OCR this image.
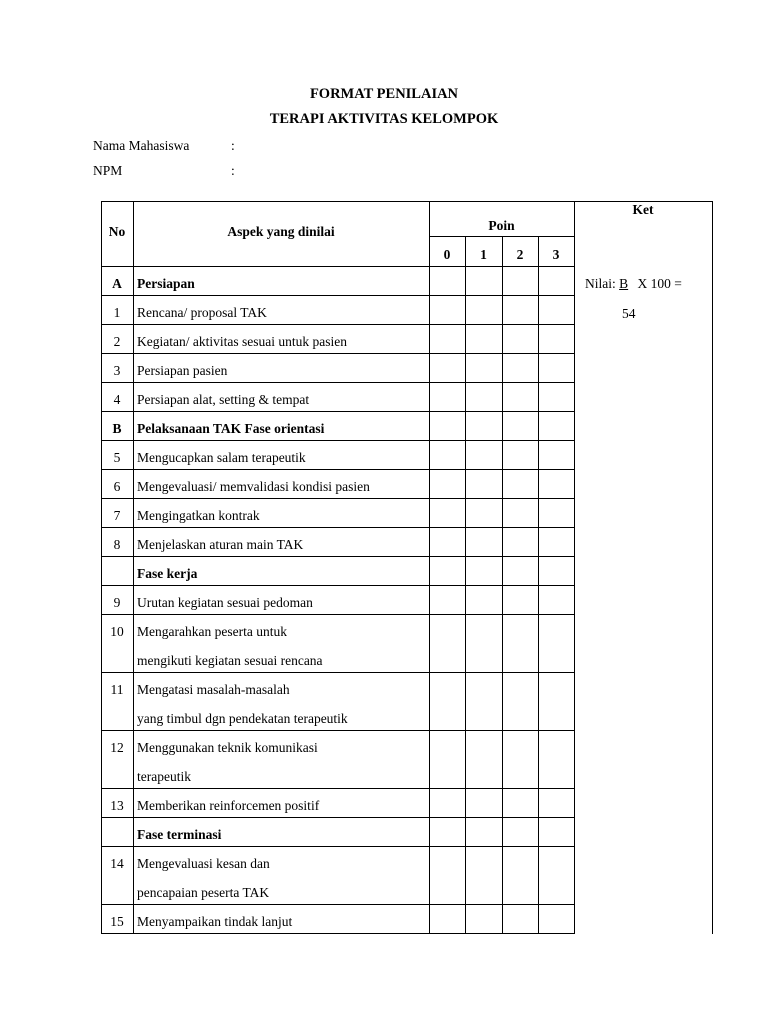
FORMAT PENILAIAN
TERAPI AKTIVITAS KELOMPOK
Nama Mahasiswa	:
NPM	:
No	Aspek yang dinilai	Poin
Ket
0	1	2	3
Nilai: B X 100 =
54
A	Persiapan
1	Rencana/ proposal TAK
2	Kegiatan/ aktivitas sesuai untuk pasien
3	Persiapan pasien
4	Persiapan alat, setting & tempat
B	Pelaksanaan TAK Fase orientasi
5	Mengucapkan salam terapeutik
6	Mengevaluasi/ memvalidasi kondisi pasien
7	Mengingatkan kontrak
8	Menjelaskan aturan main TAK
Fase kerja
9	Urutan kegiatan sesuai pedoman
10 Mengarahkan peserta untuk
mengikuti kegiatan sesuai rencana
11	Mengatasi masalah-masalah
yang timbul dgn pendekatan terapeutik
12 Menggunakan teknik komunikasi
terapeutik
13 Memberikan reinforcemen positif
Fase terminasi
14 Mengevaluasi kesan dan
pencapaian peserta TAK
15 Menyampaikan tindak lanjut
